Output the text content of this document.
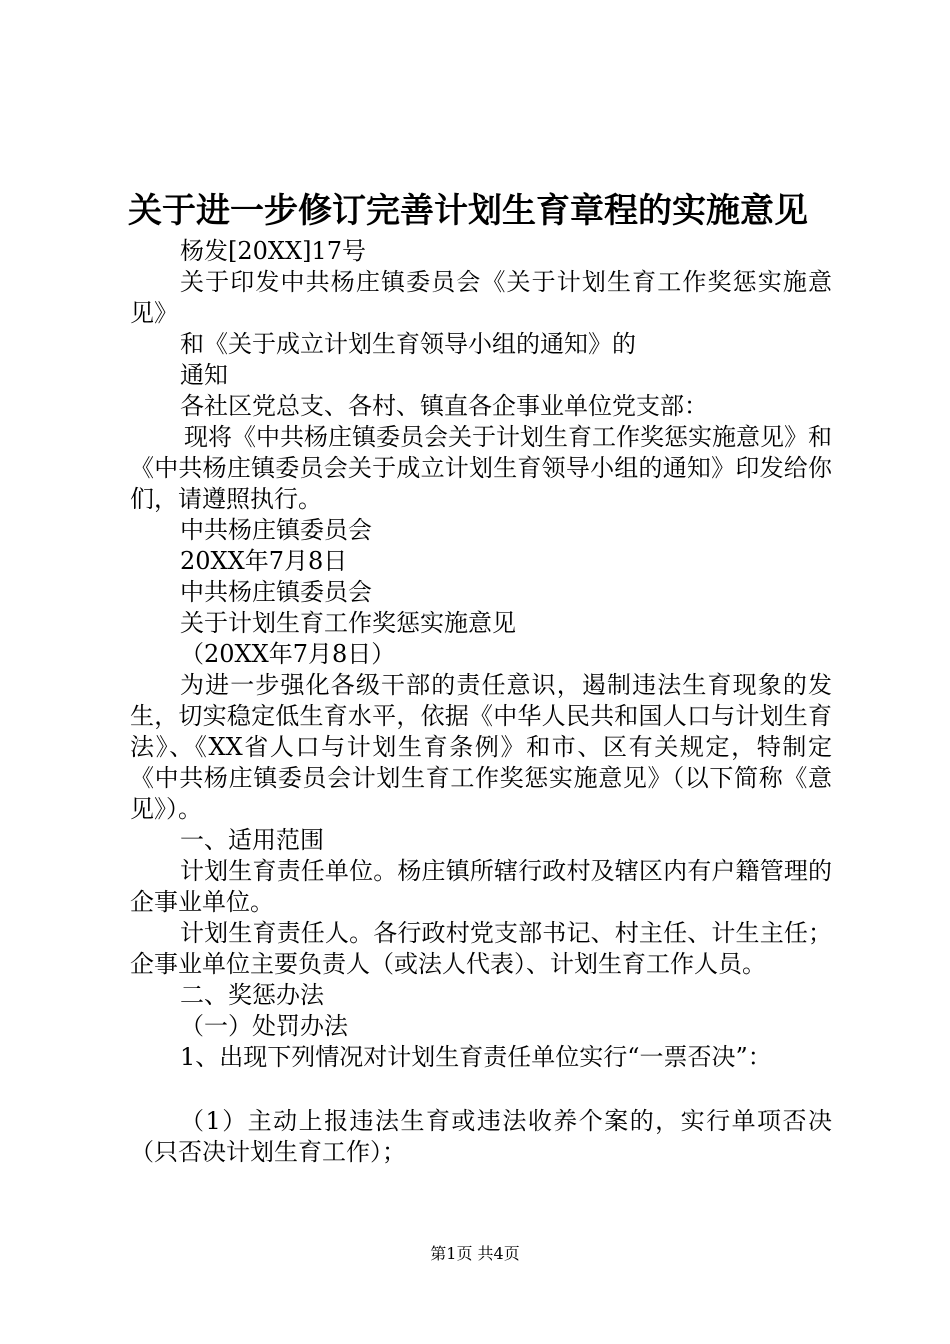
关于进一步修订完善计划生育章程的实施意见

杨发[20XX]17号

关于印发中共杨庄镇委员会《关于计划生育工作奖惩实施意见》

和《关于成立计划生育领导小组的通知》的

通知

各社区党总支、各村、镇直各企事业单位党支部：

现将《中共杨庄镇委员会关于计划生育工作奖惩实施意见》和《中共杨庄镇委员会关于成立计划生育领导小组的通知》印发给你们，请遵照执行。

中共杨庄镇委员会

20XX年7月8日

中共杨庄镇委员会

关于计划生育工作奖惩实施意见

（20XX年7月8日）

为进一步强化各级干部的责任意识，遏制违法生育现象的发生，切实稳定低生育水平，依据《中华人民共和国人口与计划生育法》、《XX省人口与计划生育条例》和市、区有关规定，特制定《中共杨庄镇委员会计划生育工作奖惩实施意见》（以下简称《意见》）。

一、适用范围

计划生育责任单位。杨庄镇所辖行政村及辖区内有户籍管理的企事业单位。

计划生育责任人。各行政村党支部书记、村主任、计生主任；企事业单位主要负责人（或法人代表）、计划生育工作人员。

二、奖惩办法

（一）处罚办法

1、出现下列情况对计划生育责任单位实行“一票否决”：

（1）主动上报违法生育或违法收养个案的，实行单项否决（只否决计划生育工作）；

第1页 共4页
